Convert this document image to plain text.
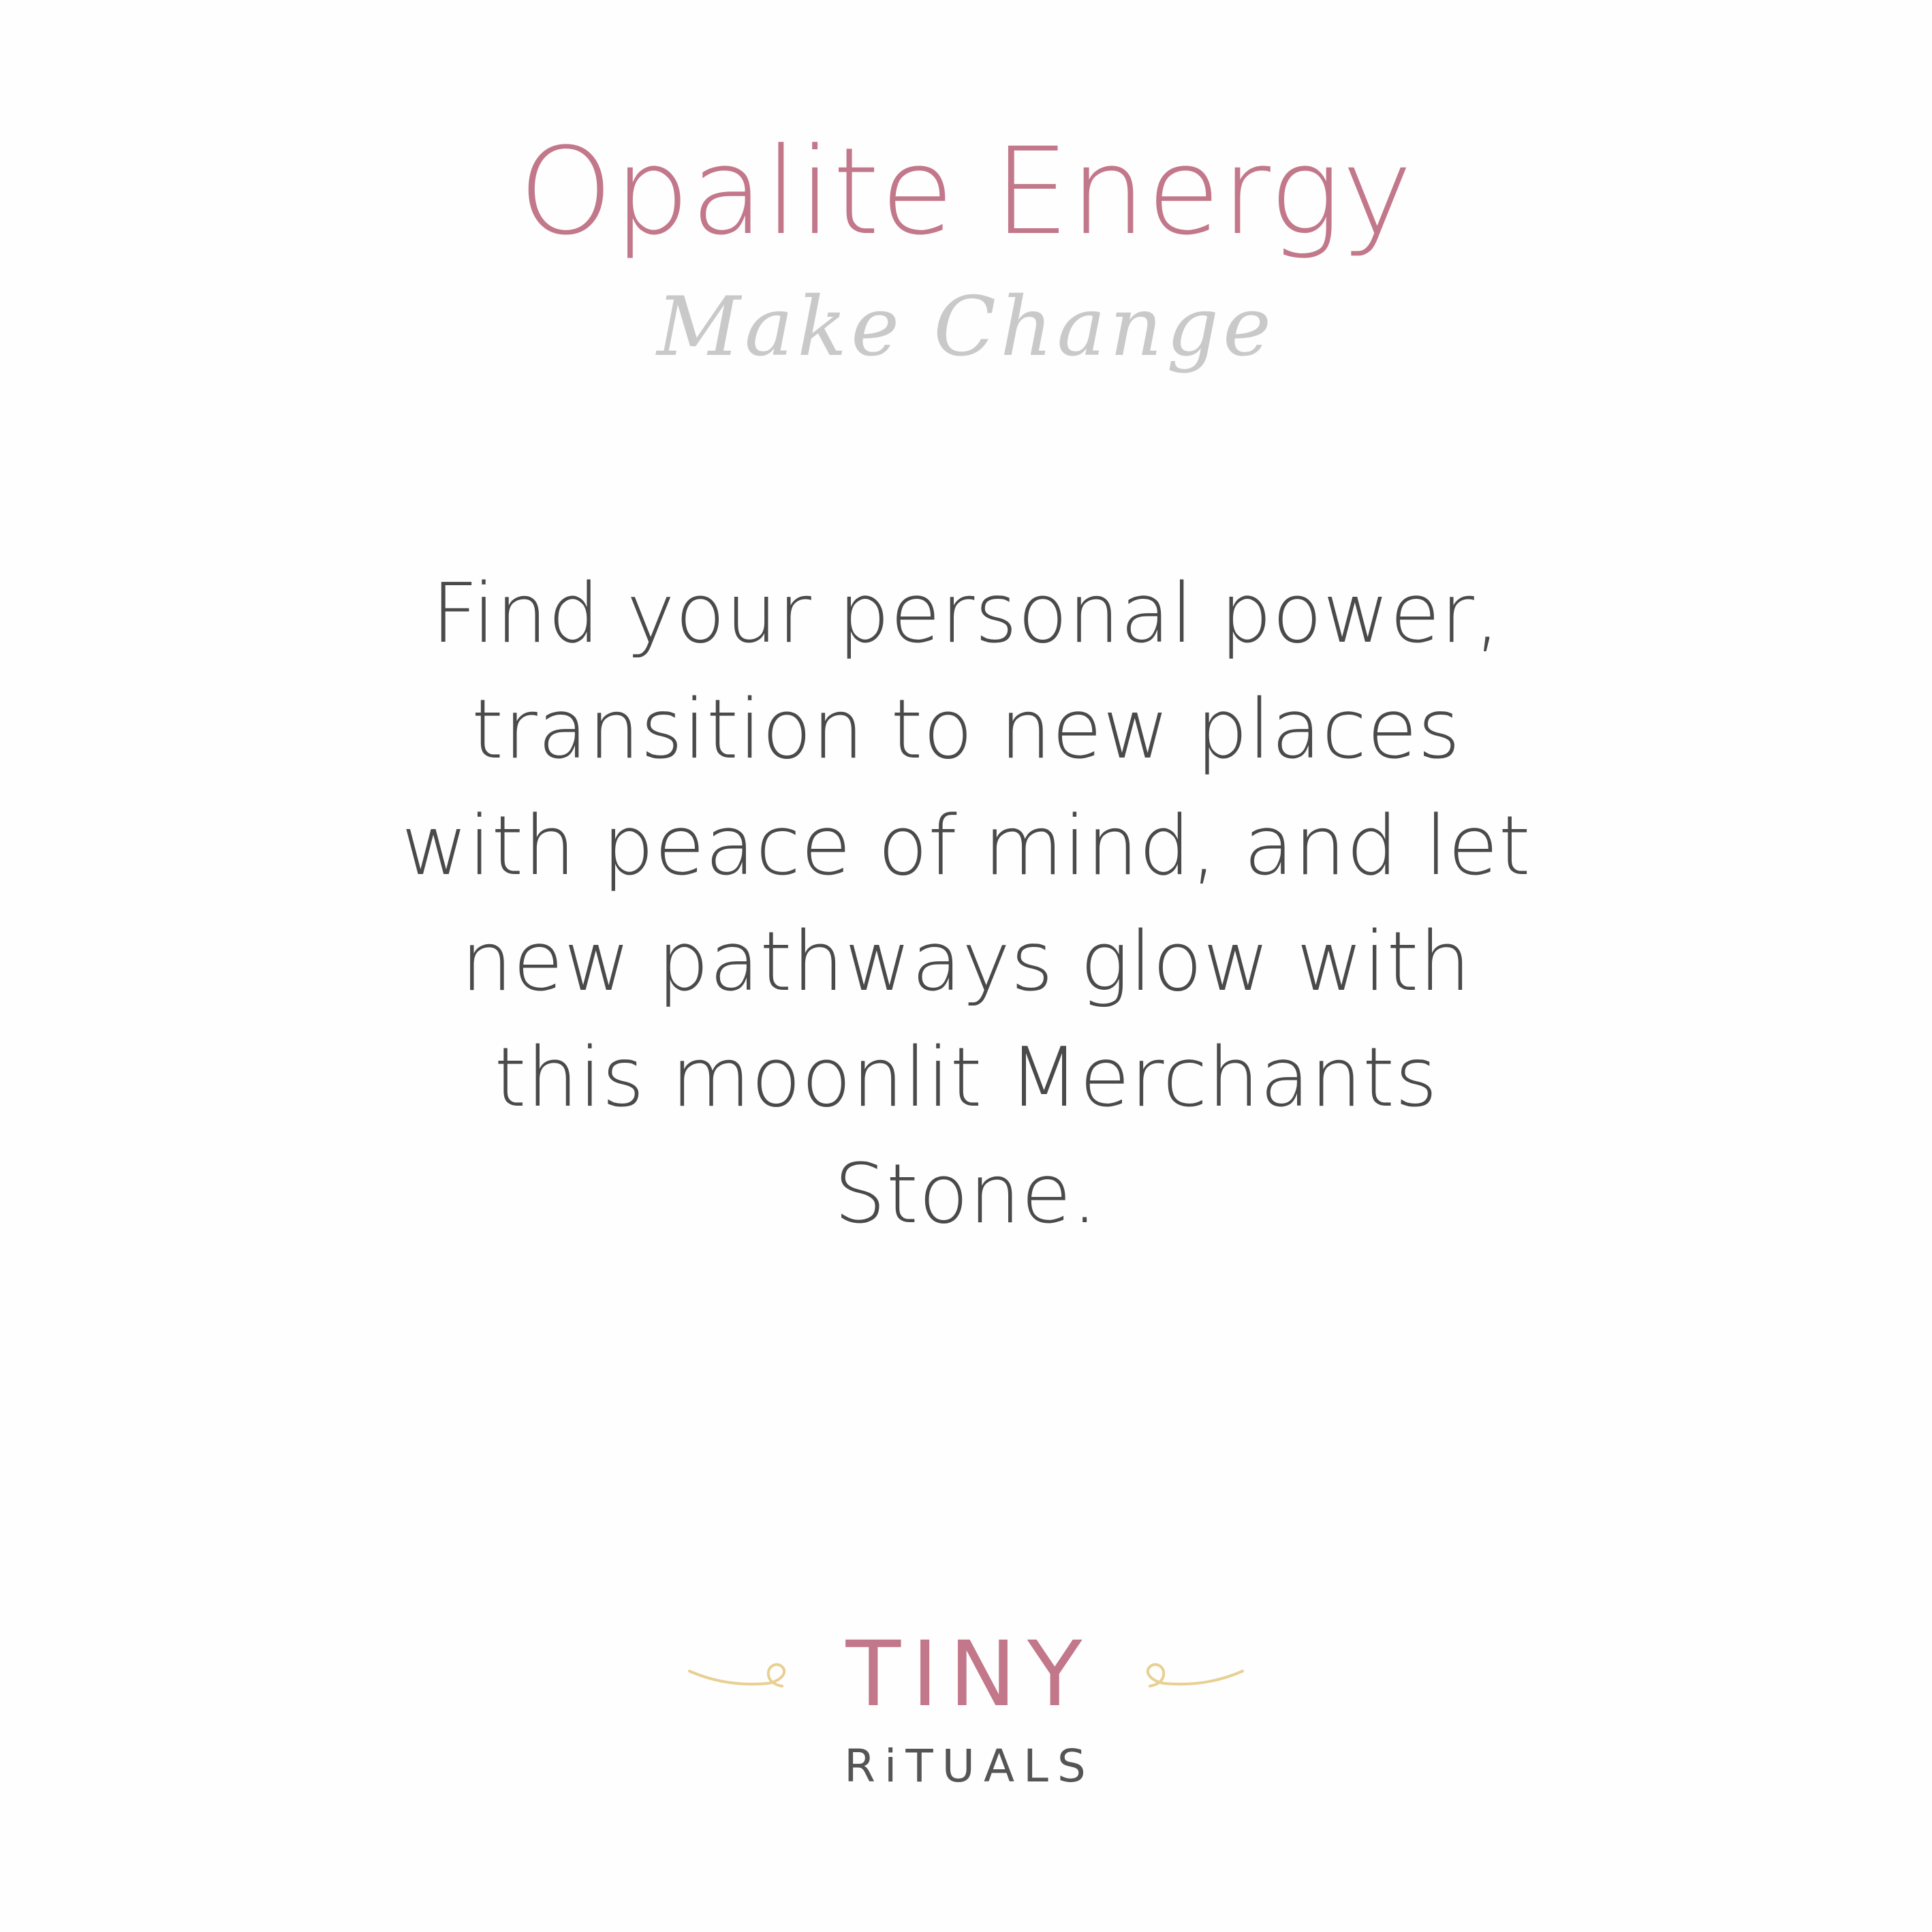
Opalite Energy
Make Change
Find your personal power, transition to new places with peace of mind, and let new pathways glow with this moonlit Merchants Stone.
TINY
RiTUALS
